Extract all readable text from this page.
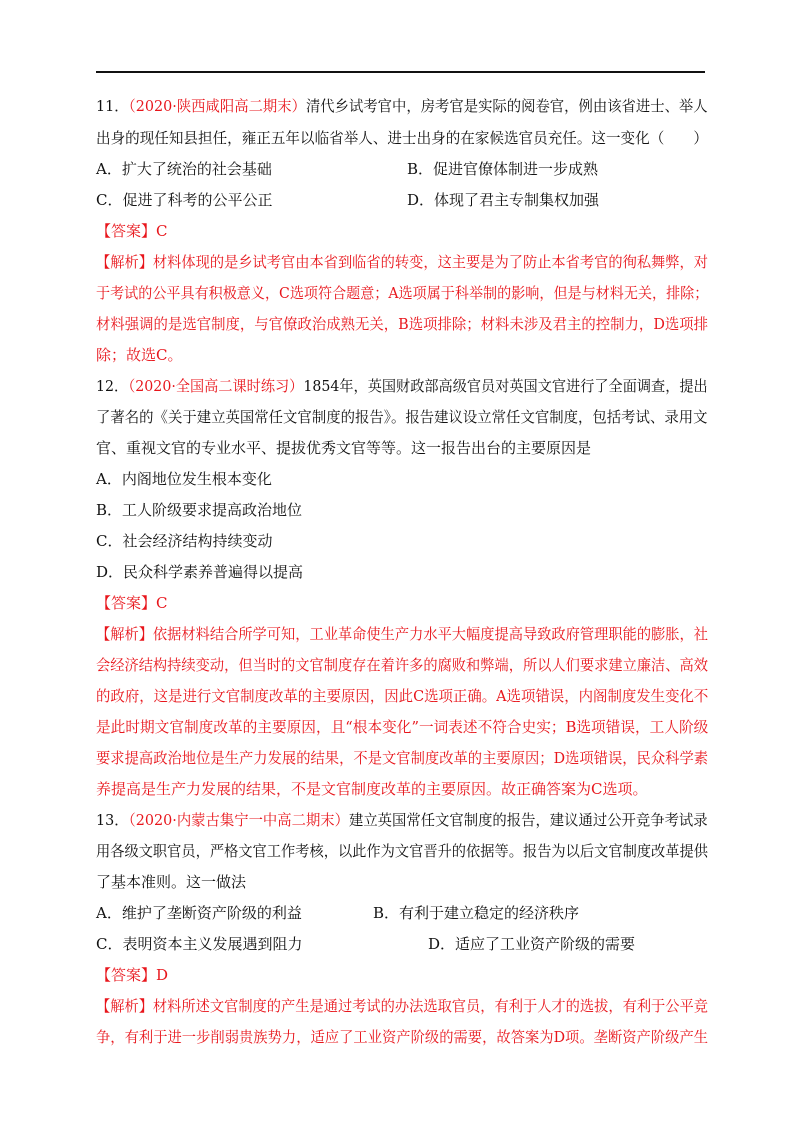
11．（2020·陕西咸阳高二期末）清代乡试考官中，房考官是实际的阅卷官，例由该省进士、举人
出身的现任知县担任，雍正五年以临省举人、进士出身的在家候选官员充任。这一变化（　　）
A．扩大了统治的社会基础	B．促进官僚体制进一步成熟
C．促进了科考的公平公正	D．体现了君主专制集权加强
【答案】C
【解析】材料体现的是乡试考官由本省到临省的转变，这主要是为了防止本省考官的徇私舞弊，对
于考试的公平具有积极意义，C选项符合题意；A选项属于科举制的影响，但是与材料无关，排除；
材料强调的是选官制度，与官僚政治成熟无关，B选项排除；材料未涉及君主的控制力，D选项排
除；故选C。
12．（2020·全国高二课时练习）1854年，英国财政部高级官员对英国文官进行了全面调查，提出
了著名的《关于建立英国常任文官制度的报告》。报告建议设立常任文官制度，包括考试、录用文
官、重视文官的专业水平、提拔优秀文官等等。这一报告出台的主要原因是
A．内阁地位发生根本变化
B．工人阶级要求提高政治地位
C．社会经济结构持续变动
D．民众科学素养普遍得以提高
【答案】C
【解析】依据材料结合所学可知，工业革命使生产力水平大幅度提高导致政府管理职能的膨胀，社
会经济结构持续变动，但当时的文官制度存在着许多的腐败和弊端，所以人们要求建立廉洁、高效
的政府，这是进行文官制度改革的主要原因，因此C选项正确。A选项错误，内阁制度发生变化不
是此时期文官制度改革的主要原因，且“根本变化”一词表述不符合史实；B选项错误，工人阶级
要求提高政治地位是生产力发展的结果，不是文官制度改革的主要原因；D选项错误，民众科学素
养提高是生产力发展的结果，不是文官制度改革的主要原因。故正确答案为C选项。
13．（2020·内蒙古集宁一中高二期末）建立英国常任文官制度的报告，建议通过公开竞争考试录
用各级文职官员，严格文官工作考核，以此作为文官晋升的依据等。报告为以后文官制度改革提供
了基本准则。这一做法
A．维护了垄断资产阶级的利益	B．有利于建立稳定的经济秩序
C．表明资本主义发展遇到阻力	D．适应了工业资产阶级的需要
【答案】D
【解析】材料所述文官制度的产生是通过考试的办法选取官员，有利于人才的选拔，有利于公平竞
争，有利于进一步削弱贵族势力，适应了工业资产阶级的需要，故答案为D项。垄断资产阶级产生
